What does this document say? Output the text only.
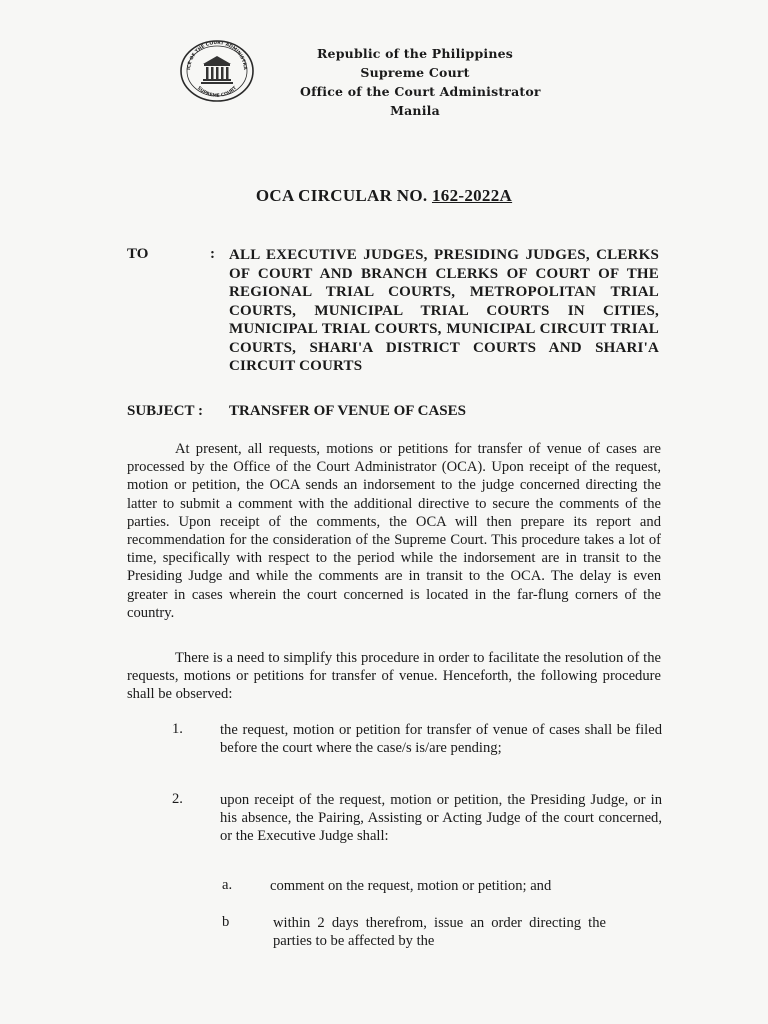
ICE OF THE COURT ADMINISTRA
SUPREME COURT
Republic of the Philippines
Supreme Court
Office of the Court Administrator
Manila
OCA CIRCULAR NO. 162-2022A
TO	: ALL EXECUTIVE JUDGES, PRESIDING JUDGES, CLERKS OF COURT AND BRANCH CLERKS OF COURT OF THE REGIONAL TRIAL COURTS, METROPOLITAN TRIAL COURTS, MUNICIPAL TRIAL COURTS IN CITIES, MUNICIPAL TRIAL COURTS, MUNICIPAL CIRCUIT TRIAL COURTS, SHARI'A DISTRICT COURTS AND SHARI'A CIRCUIT COURTS
SUBJECT : TRANSFER OF VENUE OF CASES
At present, all requests, motions or petitions for transfer of venue of cases are processed by the Office of the Court Administrator (OCA). Upon receipt of the request, motion or petition, the OCA sends an indorsement to the judge concerned directing the latter to submit a comment with the additional directive to secure the comments of the parties. Upon receipt of the comments, the OCA will then prepare its report and recommendation for the consideration of the Supreme Court. This procedure takes a lot of time, specifically with respect to the period while the indorsement are in transit to the Presiding Judge and while the comments are in transit to the OCA. The delay is even greater in cases wherein the court concerned is located in the far-flung corners of the country.
There is a need to simplify this procedure in order to facilitate the resolution of the requests, motions or petitions for transfer of venue. Henceforth, the following procedure shall be observed:
1.	the request, motion or petition for transfer of venue of cases shall be filed before the court where the case/s is/are pending;
2.	upon receipt of the request, motion or petition, the Presiding Judge, or in his absence, the Pairing, Assisting or Acting Judge of the court concerned, or the Executive Judge shall:
a.	comment on the request, motion or petition; and
b	within 2 days therefrom, issue an order directing the parties to be affected by the
